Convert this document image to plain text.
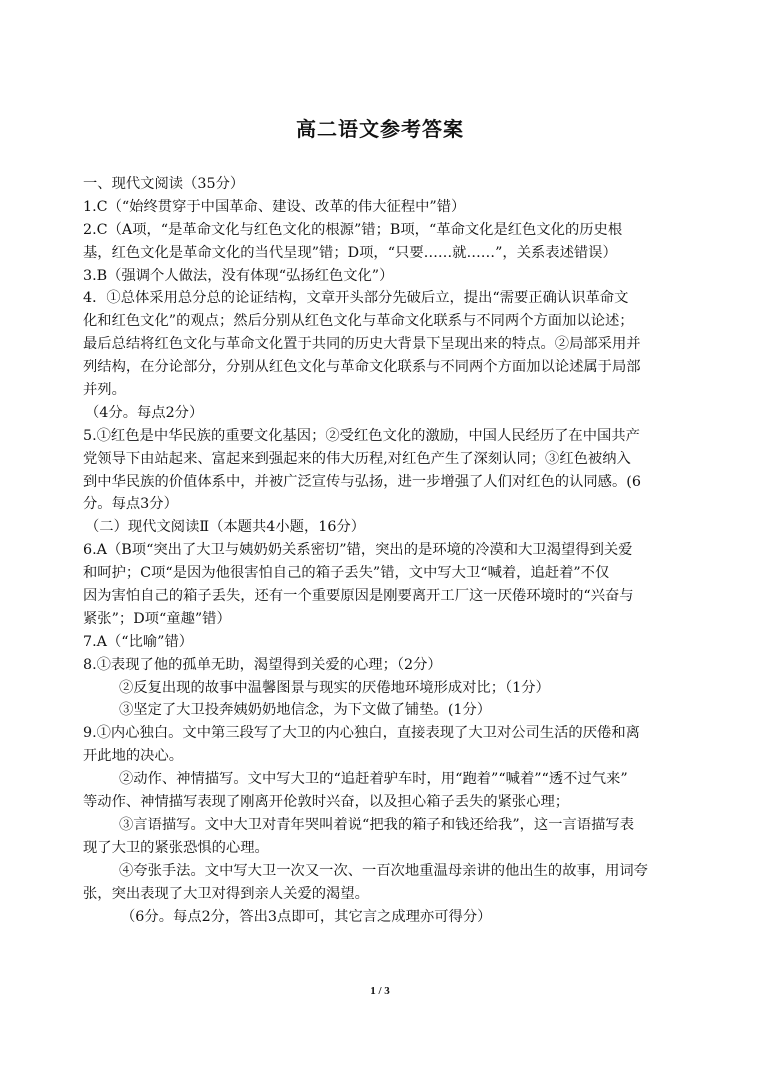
高二语文参考答案
一、现代文阅读（35分）
1.C（“始终贯穿于中国革命、建设、改革的伟大征程中”错）
2.C（A项，“是革命文化与红色文化的根源”错；B项，“革命文化是红色文化的历史根
基，红色文化是革命文化的当代呈现”错；D项，“只要……就……”，关系表述错误）
3.B（强调个人做法，没有体现“弘扬红色文化”）
4．①总体采用总分总的论证结构，文章开头部分先破后立，提出“需要正确认识革命文
化和红色文化”的观点；然后分别从红色文化与革命文化联系与不同两个方面加以论述；
最后总结将红色文化与革命文化置于共同的历史大背景下呈现出来的特点。②局部采用并
列结构，在分论部分，分别从红色文化与革命文化联系与不同两个方面加以论述属于局部
并列。
（4分。每点2分）
5.①红色是中华民族的重要文化基因；②受红色文化的激励，中国人民经历了在中国共产
党领导下由站起来、富起来到强起来的伟大历程,对红色产生了深刻认同；③红色被纳入
到中华民族的价值体系中，并被广泛宣传与弘扬，进一步增强了人们对红色的认同感。(6
分。每点3分）
（二）现代文阅读Ⅱ（本题共4小题，16分）
6.A（B项“突出了大卫与姨奶奶关系密切”错，突出的是环境的冷漠和大卫渴望得到关爱
和呵护；C项“是因为他很害怕自己的箱子丢失”错，文中写大卫“喊着，追赶着”不仅
因为害怕自己的箱子丢失，还有一个重要原因是刚要离开工厂这一厌倦环境时的“兴奋与
紧张”；D项“童趣”错）
7.A（“比喻”错）
8.①表现了他的孤单无助，渴望得到关爱的心理；（2分）
②反复出现的故事中温馨图景与现实的厌倦地环境形成对比；（1分）
③坚定了大卫投奔姨奶奶地信念，为下文做了铺垫。(1分）
9.①内心独白。文中第三段写了大卫的内心独白，直接表现了大卫对公司生活的厌倦和离
开此地的决心。
②动作、神情描写。文中写大卫的“追赶着驴车时，用“跑着”“喊着”“透不过气来”
等动作、神情描写表现了刚离开伦敦时兴奋，以及担心箱子丢失的紧张心理；
③言语描写。文中大卫对青年哭叫着说“把我的箱子和钱还给我”，这一言语描写表
现了大卫的紧张恐惧的心理。
④夸张手法。文中写大卫一次又一次、一百次地重温母亲讲的他出生的故事，用词夸
张，突出表现了大卫对得到亲人关爱的渴望。
（6分。每点2分，答出3点即可，其它言之成理亦可得分）
1 / 3
